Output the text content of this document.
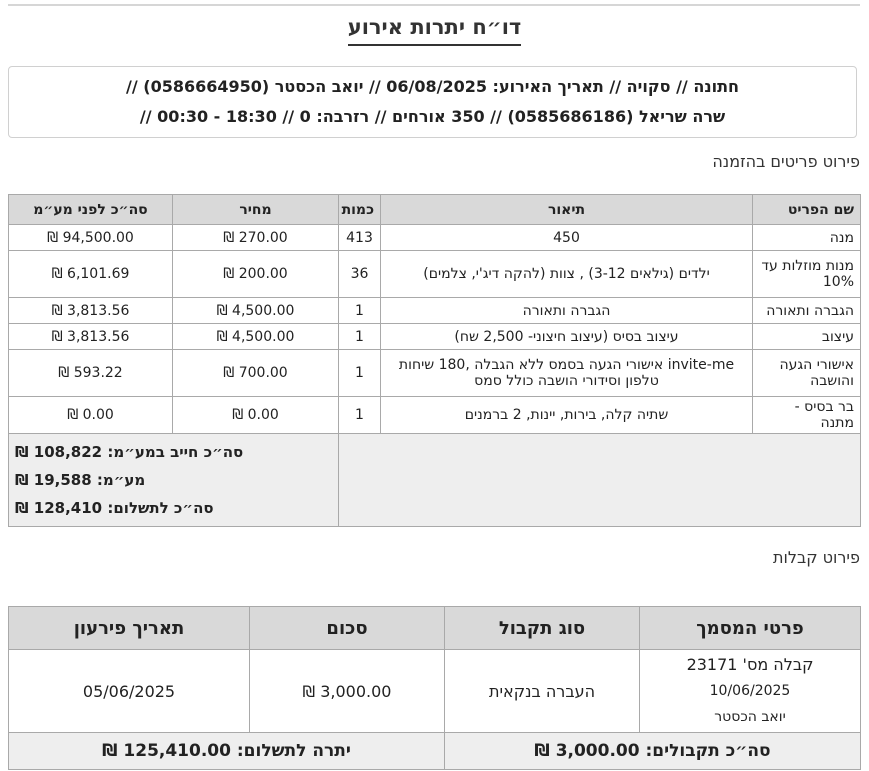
דו״ח יתרות אירוע
חתונה // סקויה // תאריך האירוע: 06/08/2025 // יואב הכסטר (0586664950) //
שרה שריאל (0585686186) // 350 אורחים // רזרבה: 0 // 18:30 - 00:30 //
פירוט פריטים בהזמנה
שם הפריט	תיאור	כמות	מחיר	סה״כ לפני מע״מ
מנה	450	413	270.00 ₪	94,500.00 ₪
מנות מוזלות עד 10%	ילדים (גילאים 3-12) , צוות (להקה דיג'י, צלמים)	36	200.00 ₪	6,101.69 ₪
הגברה ותאורה	הגברה ותאורה	1	4,500.00 ₪	3,813.56 ₪
עיצוב	עיצוב בסיס (עיצוב חיצוני- 2,500 שח)	1	4,500.00 ₪	3,813.56 ₪
אישורי הגעה והושבה	invite-me אישורי הגעה בסמס ללא הגבלה ,180 שיחות טלפון וסידורי הושבה כולל סמס	1	700.00 ₪	593.22 ₪
בר בסיס - מתנה	שתיה קלה, בירות, יינות, 2 ברמנים	1	0.00 ₪	0.00 ₪

			סה״כ חייב במע״מ: 108,822 ₪
מע״מ: 19,588 ₪
סה״כ לתשלום: 128,410 ₪	
פירוט קבלות
פרטי המסמך	סוג תקבול	סכום	תאריך פירעון

קבלה מס' 23171
10/06/2025
יואב הכסטר	העברה בנקאית	3,000.00 ₪	05/06/2025
סה״כ תקבולים: 3,000.00 ₪		יתרה לתשלום: 125,410.00 ₪	
